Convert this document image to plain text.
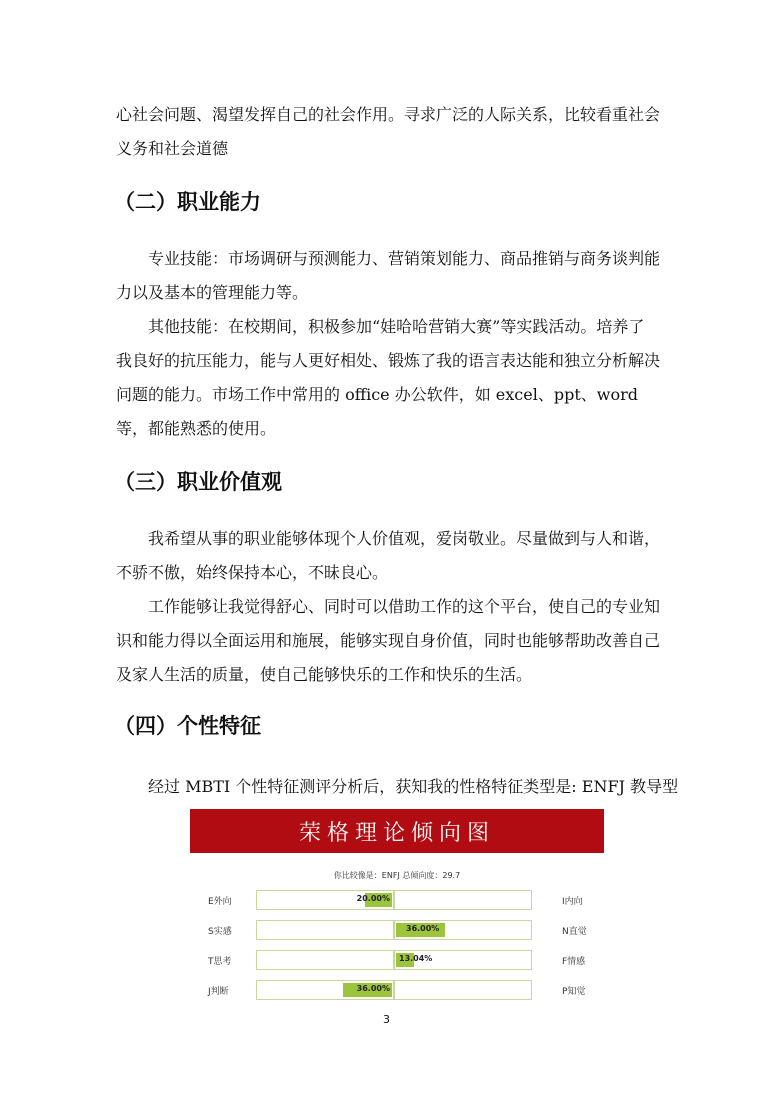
心社会问题、渴望发挥自己的社会作用。寻求广泛的人际关系，比较看重社会义务和社会道德

（二）职业能力

专业技能：市场调研与预测能力、营销策划能力、商品推销与商务谈判能力以及基本的管理能力等。

其他技能：在校期间，积极参加“娃哈哈营销大赛”等实践活动。培养了我良好的抗压能力，能与人更好相处、锻炼了我的语言表达能和独立分析解决问题的能力。市场工作中常用的 office 办公软件，如 excel、ppt、word 等，都能熟悉的使用。

（三）职业价值观

我希望从事的职业能够体现个人价值观，爱岗敬业。尽量做到与人和谐，不骄不傲，始终保持本心，不昧良心。

工作能够让我觉得舒心、同时可以借助工作的这个平台，使自己的专业知识和能力得以全面运用和施展，能够实现自身价值，同时也能够帮助改善自己及家人生活的质量，使自己能够快乐的工作和快乐的生活。

（四）个性特征

经过 MBTI 个性特征测评分析后，获知我的性格特征类型是: ENFJ 教导型

荣格理论倾向图
你比较像是：ENFJ 总倾向度：29.7
E外向	20.00%	I内向
S实感	36.00%	N直觉
T思考	13.04%	F情感
J判断	36.00%	P知觉
3
